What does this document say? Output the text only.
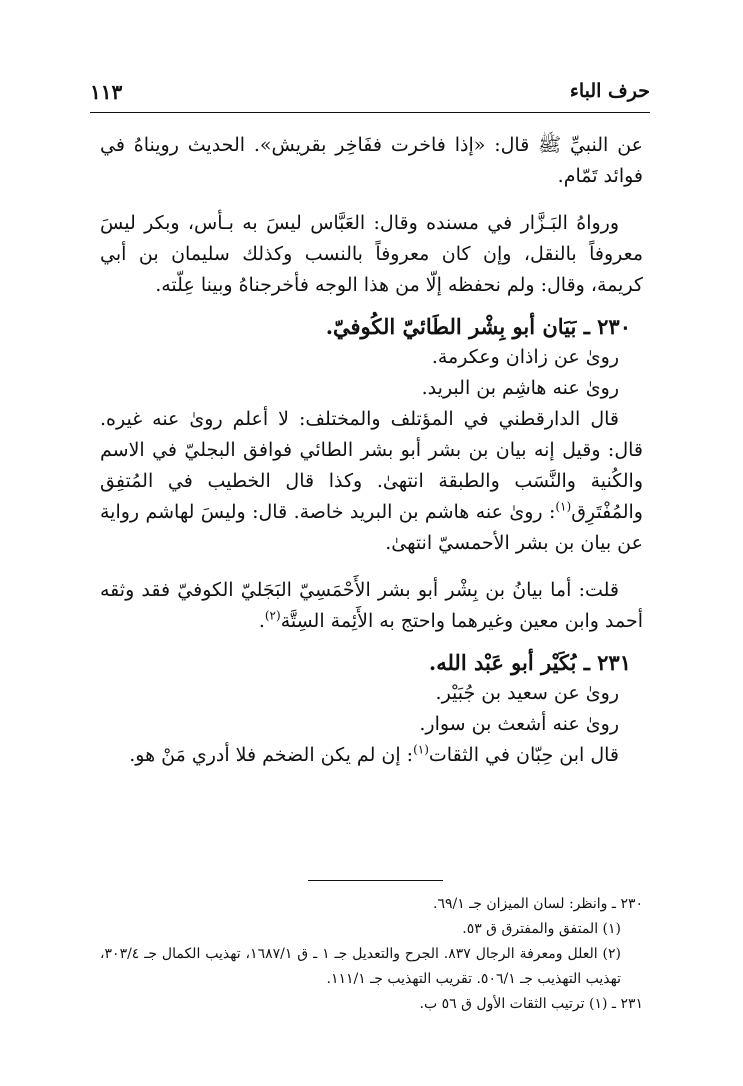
حرف الباء
١١٣

عن النبيِّ ﷺ قال: «إذا فاخرت ففَاخِر بقريش». الحديث رويناهُ في فوائد تَمّام.

ورواهُ البَـزَّار في مسنده وقال: العَبَّاس ليسَ به بـأس، وبكر ليسَ معروفاً بالنقل، وإن كان معروفاً بالنسب وكذلك سليمان بن أبي كريمة، وقال: ولم نحفظه إلّا من هذا الوجه فأخرجناهُ وبينا عِلّته.

٢٣٠ ـ بَيَان أبو بِشْر الطَائيّ الكُوفيّ.

روىٰ عن زاذان وعكرمة.

روىٰ عنه هاشِم بن البريد.

قال الدارقطني في المؤتلف والمختلف: لا أعلم روىٰ عنه غيره. قال: وقيل إنه بيان بن بشر أبو بشر الطائي فوافق البجليّ في الاسم والكُنية والنَّسَب والطبقة انتهىٰ. وكذا قال الخطيب في المُتفِق والمُفْتَرِق$^{(١)}$: روىٰ عنه هاشم بن البريد خاصة. قال: وليسَ لهاشم رواية عن بيان بن بشر الأحمسيّ انتهىٰ.

قلت: أما بيانُ بن بِشْر أبو بشر الأَحْمَسِيّ البَجَليّ الكوفيّ فقد وثقه أحمد وابن معين وغيرهما واحتج به الأَئِمة السِتَّة$^{(٢)}$.

٢٣١ ـ بُكَيْر أبو عَبْد الله.

روىٰ عن سعيد بن جُبَيْر.

روىٰ عنه أشعث بن سوار.

قال ابن حِبّان في الثقات$^{(١)}$: إن لم يكن الضخم فلا أدري مَنْ هو.

٢٣٠ ـ وانظر: لسان الميزان جـ ٦٩/١.

(١) المتفق والمفترق ق ٥٣.

(٢) العلل ومعرفة الرجال ٨٣٧. الجرح والتعديل جـ ١ ـ ق ١٦٨٧/١، تهذيب الكمال جـ ٣٠٣/٤، تهذيب التهذيب جـ ٥٠٦/١. تقريب التهذيب جـ ١١١/١.

٢٣١ ـ (١) ترتيب الثقات الأول ق ٥٦ ب.
